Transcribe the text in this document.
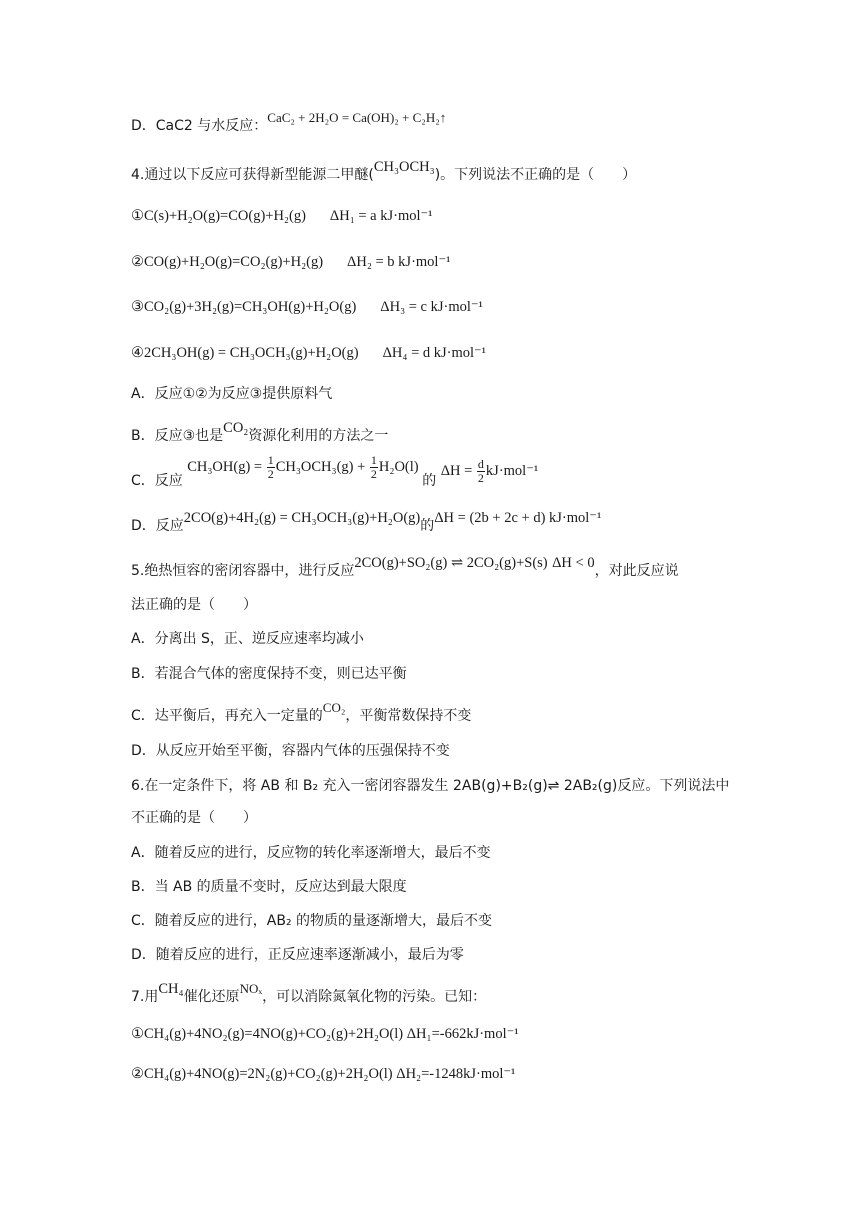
D．CaC2 与水反应：CaC₂ + 2H₂O = Ca(OH)₂ + C₂H₂↑
4.通过以下反应可获得新型能源二甲醚(CH₃OCH₃)。下列说法不正确的是（　　）
①C(s)+H₂O(g)=CO(g)+H₂(g) ΔH₁ = a kJ·mol⁻¹
②CO(g)+H₂O(g)=CO₂(g)+H₂(g) ΔH₂ = b kJ·mol⁻¹
③CO₂(g)+3H₂(g)=CH₃OH(g)+H₂O(g) ΔH₃ = c kJ·mol⁻¹
④2CH₃OH(g) = CH₃OCH₃(g)+H₂O(g) ΔH₄ = d kJ·mol⁻¹
A．反应①②为反应③提供原料气
B．反应③也是CO₂资源化利用的方法之一
C．反应 $CH_3OH(g) = \frac{1}{2} CH_3OCH_3(g) + \frac{1}{2} H_2O(l)$ 的 $\Delta H = \frac{d}{2} kJ\cdot mol^{-1}$
D．反应2CO(g)+4H₂(g) = CH₃OCH₃(g)+H₂O(g)的ΔH = (2b + 2c + d) kJ·mol⁻¹
5.绝热恒容的密闭容器中，进行反应2CO(g)+SO₂(g) ⇌ 2CO₂(g)+S(s) ΔH < 0，对此反应说
法正确的是（　　）
A．分离出 S，正、逆反应速率均减小
B．若混合气体的密度保持不变，则已达平衡
C．达平衡后，再充入一定量的CO₂，平衡常数保持不变
D．从反应开始至平衡，容器内气体的压强保持不变
6.在一定条件下，将 AB 和 B₂ 充入一密闭容器发生 2AB(g)+B₂(g)⇌ 2AB₂(g)反应。下列说法中
不正确的是（　　）
A．随着反应的进行，反应物的转化率逐渐增大，最后不变
B．当 AB 的质量不变时，反应达到最大限度
C．随着反应的进行，AB₂ 的物质的量逐渐增大，最后不变
D．随着反应的进行，正反应速率逐渐减小，最后为零
7.用CH₄催化还原NOₓ，可以消除氮氧化物的污染。已知：
①CH₄(g)+4NO₂(g)=4NO(g)+CO₂(g)+2H₂O(l) ΔH₁=-662kJ·mol⁻¹
②CH₄(g)+4NO(g)=2N₂(g)+CO₂(g)+2H₂O(l) ΔH₂=-1248kJ·mol⁻¹
